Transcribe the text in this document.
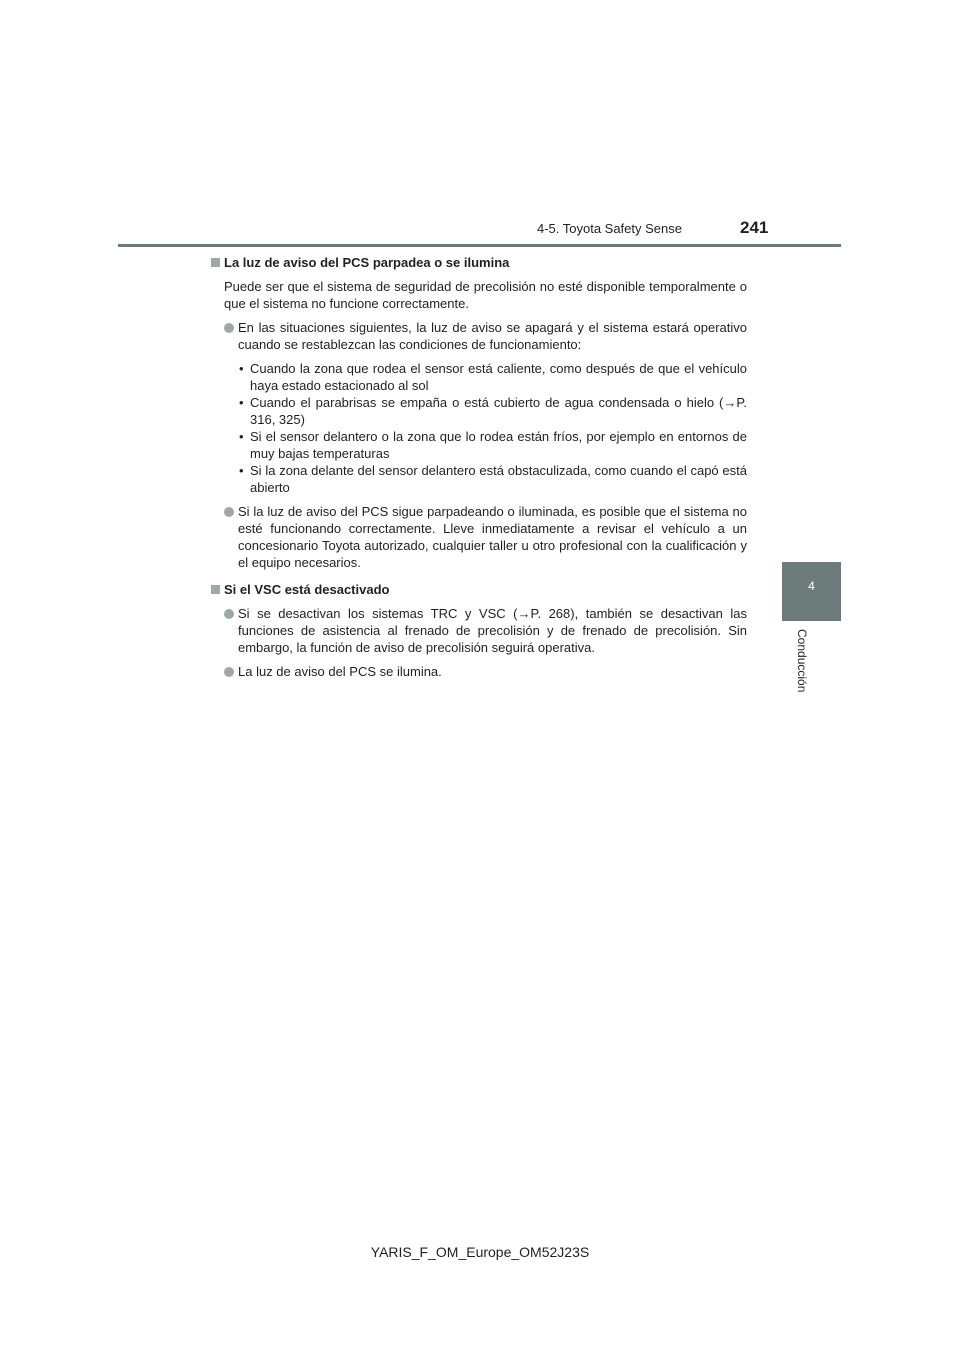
4-5. Toyota Safety Sense	241
4
Conducción
La luz de aviso del PCS parpadea o se ilumina
Puede ser que el sistema de seguridad de precolisión no esté disponible temporalmente o que el sistema no funcione correctamente.
En las situaciones siguientes, la luz de aviso se apagará y el sistema estará operativo cuando se restablezcan las condiciones de funcionamiento:
• Cuando la zona que rodea el sensor está caliente, como después de que el vehículo haya estado estacionado al sol
• Cuando el parabrisas se empaña o está cubierto de agua condensada o hielo (→P. 316, 325)
• Si el sensor delantero o la zona que lo rodea están fríos, por ejemplo en entornos de muy bajas temperaturas
• Si la zona delante del sensor delantero está obstaculizada, como cuando el capó está abierto
Si la luz de aviso del PCS sigue parpadeando o iluminada, es posible que el sistema no esté funcionando correctamente. Lleve inmediatamente a revisar el vehículo a un concesionario Toyota autorizado, cualquier taller u otro profesional con la cualificación y el equipo necesarios.
Si el VSC está desactivado
Si se desactivan los sistemas TRC y VSC (→P. 268), también se desactivan las funciones de asistencia al frenado de precolisión y de frenado de precolisión. Sin embargo, la función de aviso de precolisión seguirá operativa.
La luz de aviso del PCS se ilumina.
YARIS_F_OM_Europe_OM52J23S
